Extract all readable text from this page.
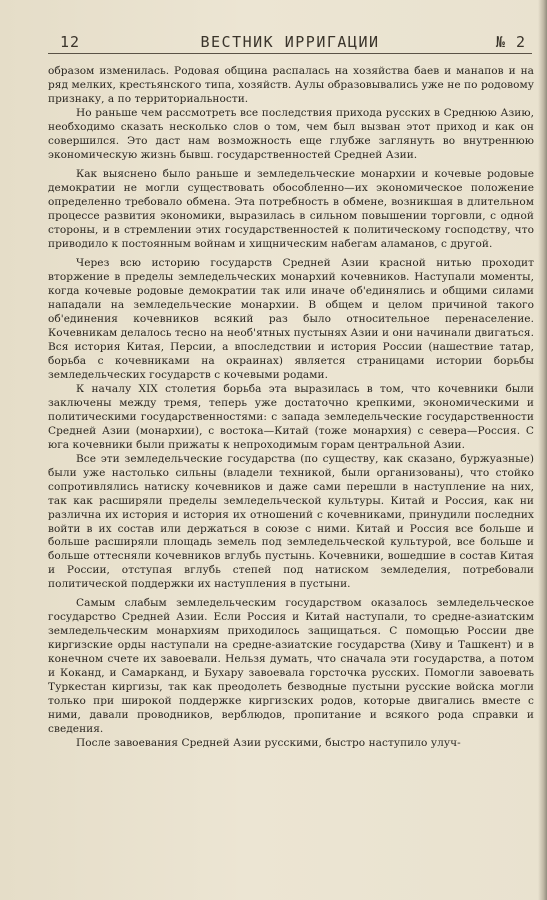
12	ВЕСТНИК ИРРИГАЦИИ	№ 2

образом изменилась. Родовая община распалась на хозяйства баев и манапов и на ряд мелких, крестьянского типа, хозяйств. Аулы образовывались уже не по родовому признаку, а по территориальности.

Но раньше чем рассмотреть все последствия прихода русских в Среднюю Азию, необходимо сказать несколько слов о том, чем был вызван этот приход и как он совершился. Это даст нам возможность еще глубже заглянуть во внутреннюю экономическую жизнь бывш. государственностей Средней Азии.

Как выяснено было раньше и земледельческие монархии и кочевые родовые демократии не могли существовать обособленно—их экономическое положение определенно требовало обмена. Эта потребность в обмене, возникшая в длительном процессе развития экономики, выразилась в сильном повышении торговли, с одной стороны, и в стремлении этих государственностей к политическому господству, что приводило к постоянным войнам и хищническим набегам аламанов, с другой.

Через всю историю государств Средней Азии красной нитью проходит вторжение в пределы земледельческих монархий кочевников. Наступали моменты, когда кочевые родовые демократии так или иначе об'единялись и общими силами нападали на земледельческие монархии. В общем и целом причиной такого об'единения кочевников всякий раз было относительное перенаселение. Кочевникам делалось тесно на необ'ятных пустынях Азии и они начинали двигаться. Вся история Китая, Персии, а впоследствии и история России (нашествие татар, борьба с кочевниками на окраинах) является страницами истории борьбы земледельческих государств с кочевыми родами.

К началу XIX столетия борьба эта выразилась в том, что кочевники были заключены между тремя, теперь уже достаточно крепкими, экономическими и политическими государственностями: с запада земледельческие государственности Средней Азии (монархии), с востока—Китай (тоже монархия) с севера—Россия. С юга кочевники были прижаты к непроходимым горам центральной Азии.

Все эти земледельческие государства (по существу, как сказано, буржуазные) были уже настолько сильны (владели техникой, были организованы), что стойко сопротивлялись натиску кочевников и даже сами перешли в наступление на них, так как расширяли пределы земледельческой культуры. Китай и Россия, как ни различна их история и история их отношений с кочевниками, принудили последних войти в их состав или держаться в союзе с ними. Китай и Россия все больше и больше расширяли площадь земель под земледельческой культурой, все больше и больше оттесняли кочевников вглубь пустынь. Кочевники, вошедшие в состав Китая и России, отступая вглубь степей под натиском земледелия, потребовали политической поддержки их наступления в пустыни.

Самым слабым земледельческим государством оказалось земледельческое государство Средней Азии. Если Россия и Китай наступали, то средне-азиатским земледельческим монархиям приходилось защищаться. С помощью России две киргизские орды наступали на средне-азиатские государства (Хиву и Ташкент) и в конечном счете их завоевали. Нельзя думать, что сначала эти государства, а потом и Коканд, и Самарканд, и Бухару завоевала горсточка русских. Помогли завоевать Туркестан киргизы, так как преодолеть безводные пустыни русские войска могли только при широкой поддержке киргизских родов, которые двигались вместе с ними, давали проводников, верблюдов, пропитание и всякого рода справки и сведения.

После завоевания Средней Азии русскими, быстро наступило улуч-
